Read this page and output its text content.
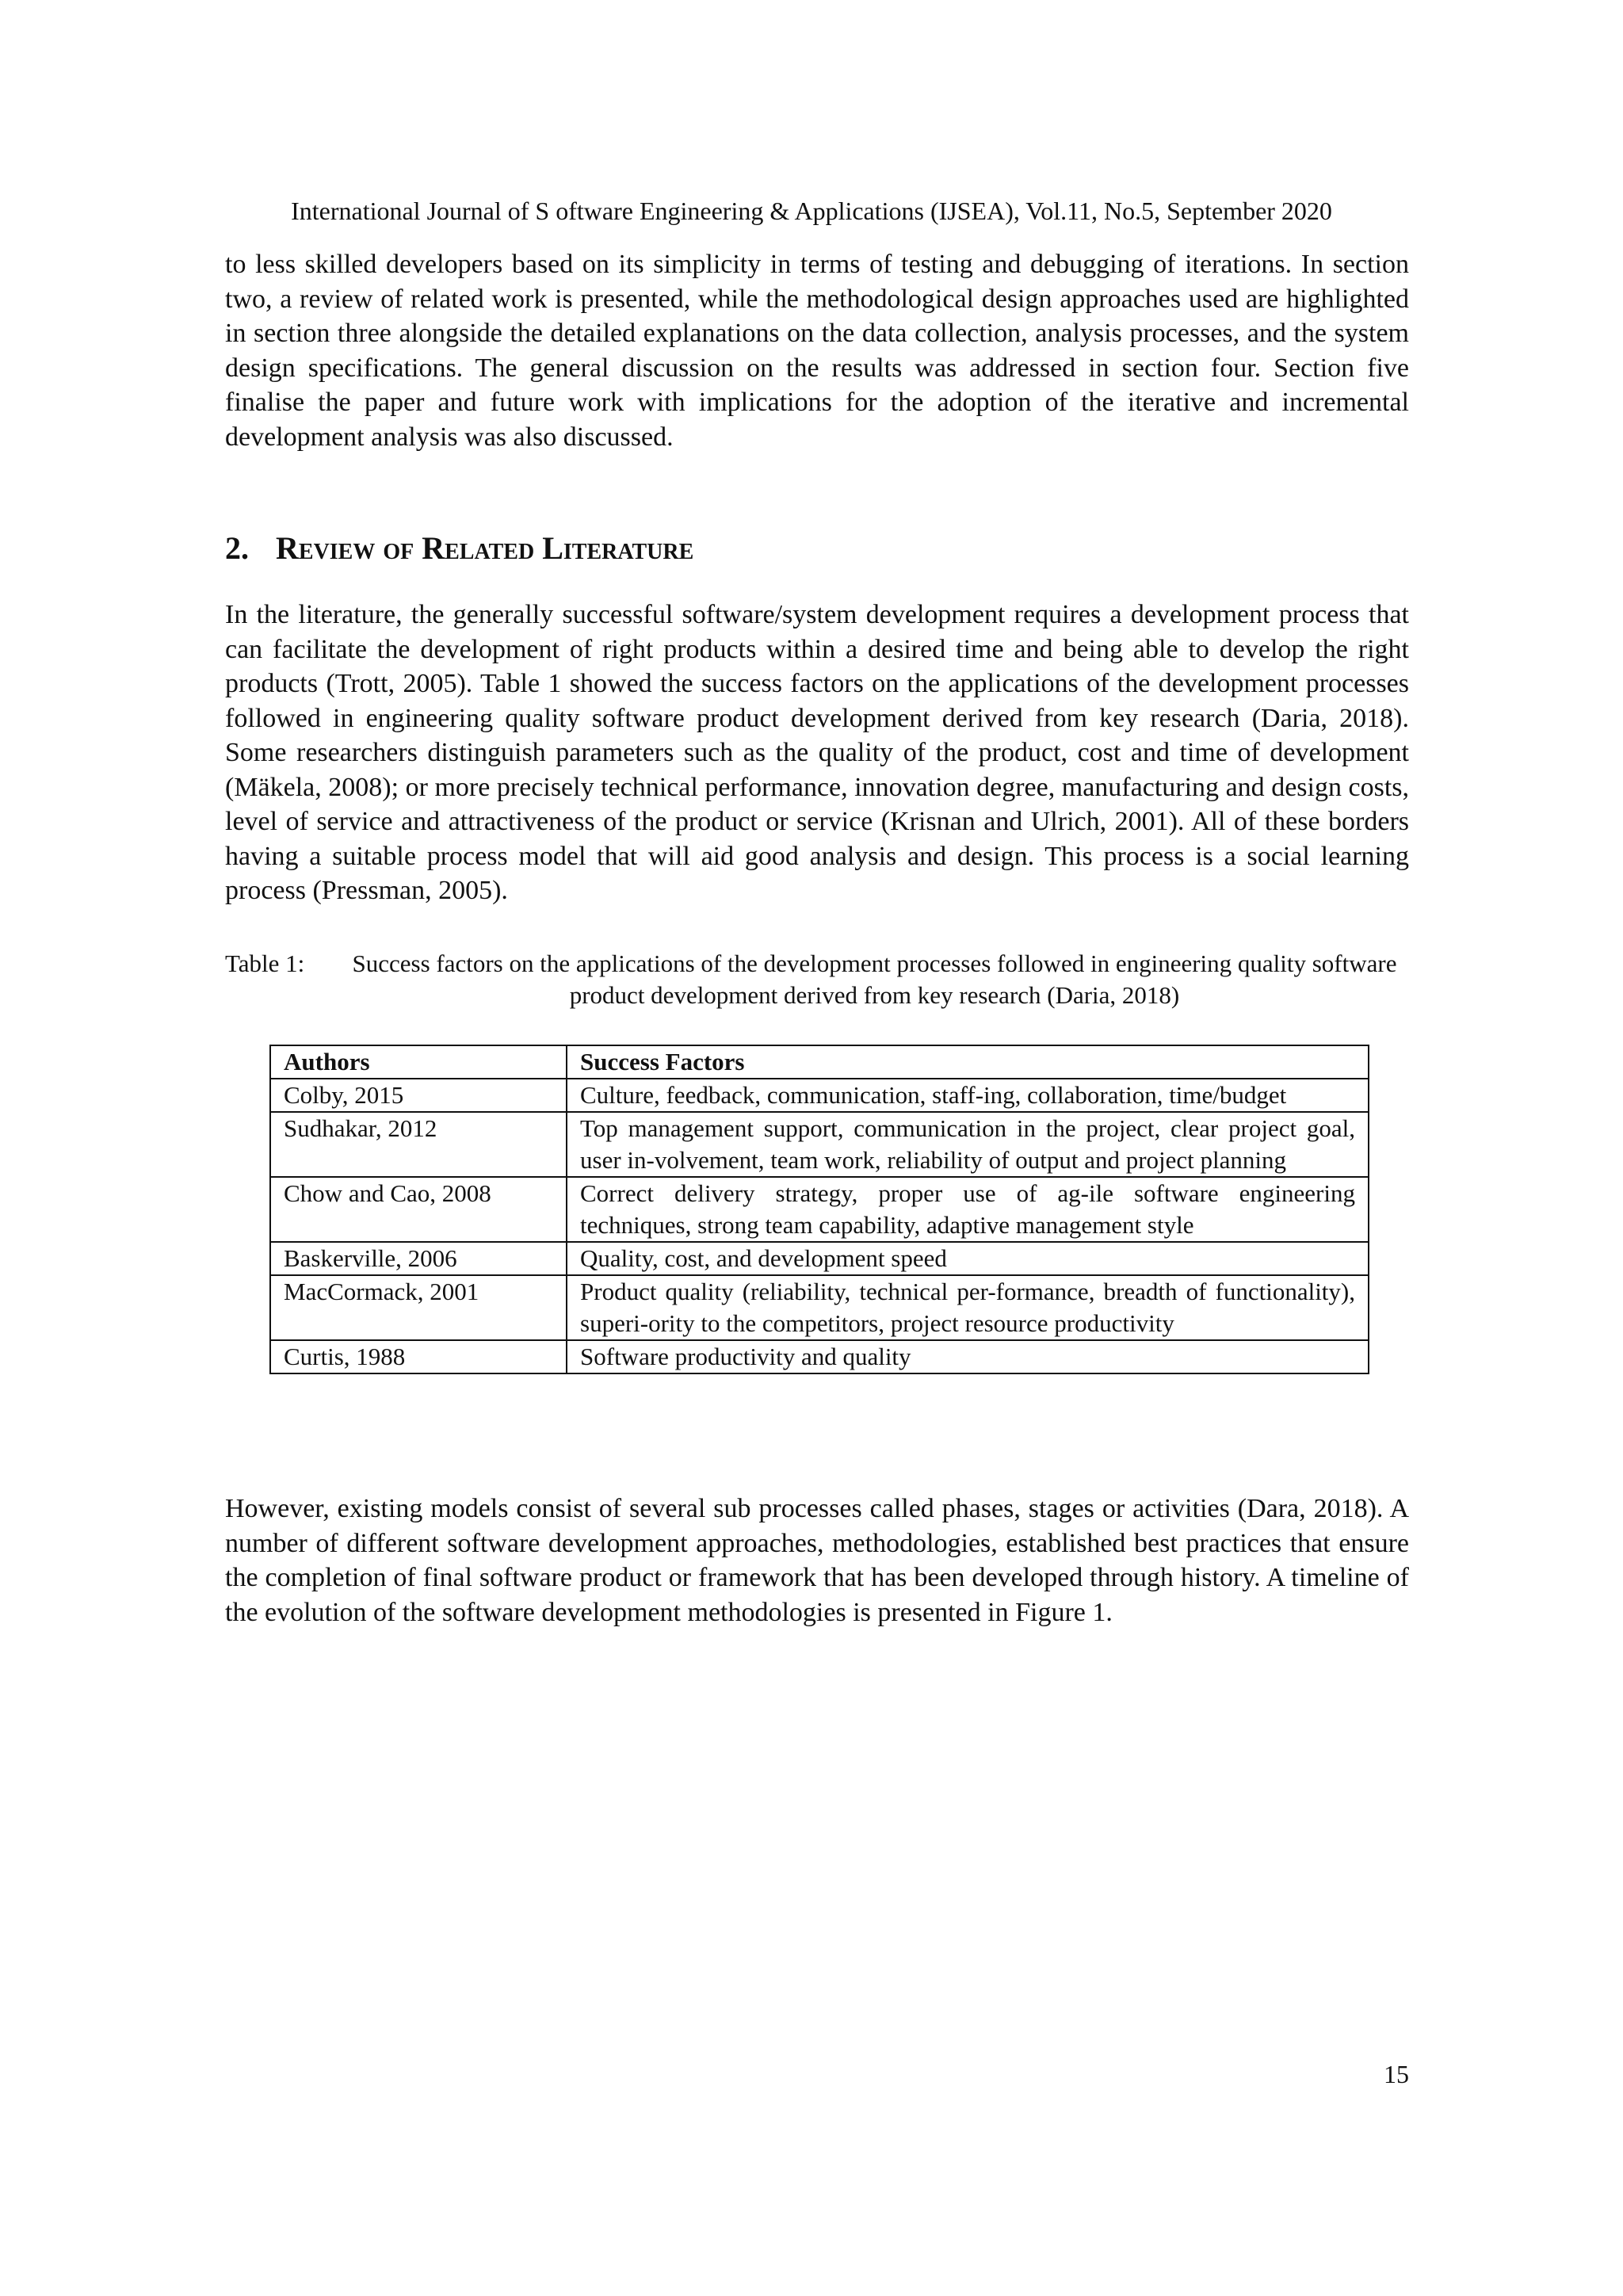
International Journal of S oftware Engineering & Applications (IJSEA), Vol.11, No.5, September 2020

to less skilled developers based on its simplicity in terms of testing and debugging of iterations. In section two, a review of related work is presented, while the methodological design approaches used are highlighted in section three alongside the detailed explanations on the data collection, analysis processes, and the system design specifications. The general discussion on the results was addressed in section four. Section five finalise the paper and future work with implications for the adoption of the iterative and incremental development analysis was also discussed.

2. Review of Related Literature

In the literature, the generally successful software/system development requires a development process that can facilitate the development of right products within a desired time and being able to develop the right products (Trott, 2005). Table 1 showed the success factors on the applications of the development processes followed in engineering quality software product development derived from key research (Daria, 2018). Some researchers distinguish parameters such as the quality of the product, cost and time of development (Mäkela, 2008); or more precisely technical performance, innovation degree, manufacturing and design costs, level of service and attractiveness of the product or service (Krisnan and Ulrich, 2001). All of these borders having a suitable process model that will aid good analysis and design. This process is a social learning process (Pressman, 2005).

Table 1:	Success factors on the applications of the development processes followed in engineering quality software product development derived from key research (Daria, 2018)
Authors	Success Factors
Colby, 2015	Culture, feedback, communication, staff-ing, collaboration, time/budget
Sudhakar, 2012	Top management support, communication in the project, clear project goal, user in-volvement, team work, reliability of output and project planning
Chow and Cao, 2008	Correct delivery strategy, proper use of ag-ile software engineering techniques, strong team capability, adaptive management style
Baskerville, 2006	Quality, cost, and development speed
MacCormack, 2001	Product quality (reliability, technical per-formance, breadth of functionality), superi-ority to the competitors, project resource productivity
Curtis, 1988	Software productivity and quality

However, existing models consist of several sub processes called phases, stages or activities (Dara, 2018). A number of different software development approaches, methodologies, established best practices that ensure the completion of final software product or framework that has been developed through history. A timeline of the evolution of the software development methodologies is presented in Figure 1.

15
